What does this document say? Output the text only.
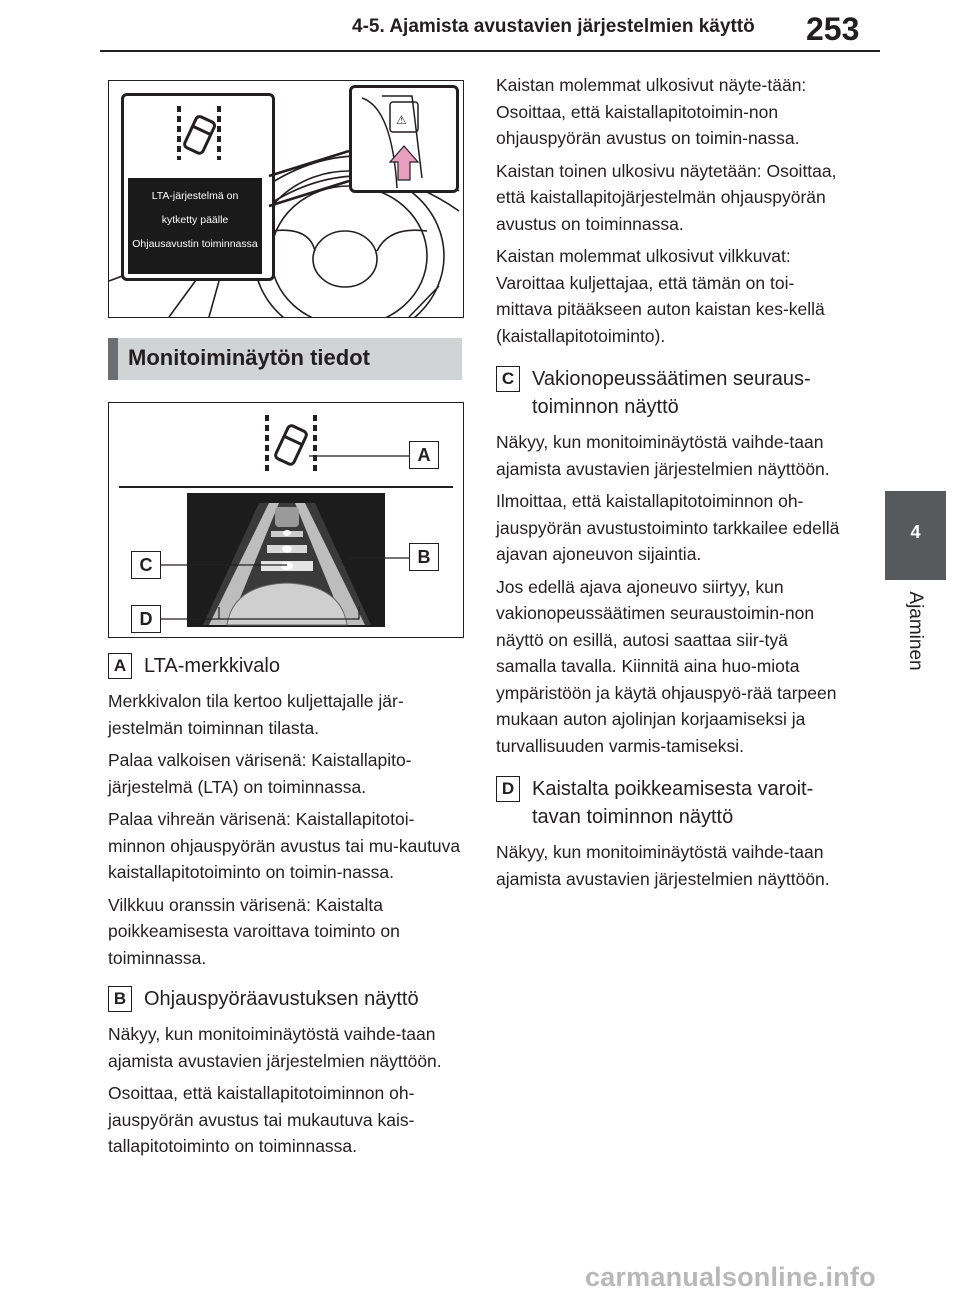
4-5. Ajamista avustavien järjestelmien käyttö 253
4
Ajaminen
LTA-järjestelmä on
kytketty päälle
Ohjausavustin toiminnassa
⚠
Monitoiminäytön tiedot
A
B
C
D
A LTA-merkkivalo

Merkkivalon tila kertoo kuljettajalle jär-jestelmän toiminnan tilasta.

Palaa valkoisen värisenä: Kaistallapito-järjestelmä (LTA) on toiminnassa.

Palaa vihreän värisenä: Kaistallapitotoi-minnon ohjauspyörän avustus tai mu-kautuva kaistallapitotoiminto on toimin-nassa.

Vilkkuu oranssin värisenä: Kaistalta poikkeamisesta varoittava toiminto on toiminnassa.

B Ohjauspyöräavustuksen näyttö

Näkyy, kun monitoiminäytöstä vaihde-taan ajamista avustavien järjestelmien näyttöön.

Osoittaa, että kaistallapitotoiminnon oh-jauspyörän avustus tai mukautuva kais-tallapitotoiminto on toiminnassa.

Kaistan molemmat ulkosivut näyte-tään: Osoittaa, että kaistallapitotoimin-non ohjauspyörän avustus on toimin-nassa.

Kaistan toinen ulkosivu näytetään: Osoittaa, että kaistallapitojärjestelmän ohjauspyörän avustus on toiminnassa.

Kaistan molemmat ulkosivut vilkkuvat: Varoittaa kuljettajaa, että tämän on toi-mittava pitääkseen auton kaistan kes-kellä (kaistallapitotoiminto).

C Vakionopeussäätimen seuraus-toiminnon näyttö

Näkyy, kun monitoiminäytöstä vaihde-taan ajamista avustavien järjestelmien näyttöön.

Ilmoittaa, että kaistallapitotoiminnon oh-jauspyörän avustustoiminto tarkkailee edellä ajavan ajoneuvon sijaintia.

Jos edellä ajava ajoneuvo siirtyy, kun vakionopeussäätimen seuraustoimin-non näyttö on esillä, autosi saattaa siir-tyä samalla tavalla. Kiinnitä aina huo-miota ympäristöön ja käytä ohjauspyö-rää tarpeen mukaan auton ajolinjan korjaamiseksi ja turvallisuuden varmis-tamiseksi.

D Kaistalta poikkeamisesta varoit-tavan toiminnon näyttö

Näkyy, kun monitoiminäytöstä vaihde-taan ajamista avustavien järjestelmien näyttöön.

carmanualsonline.info
